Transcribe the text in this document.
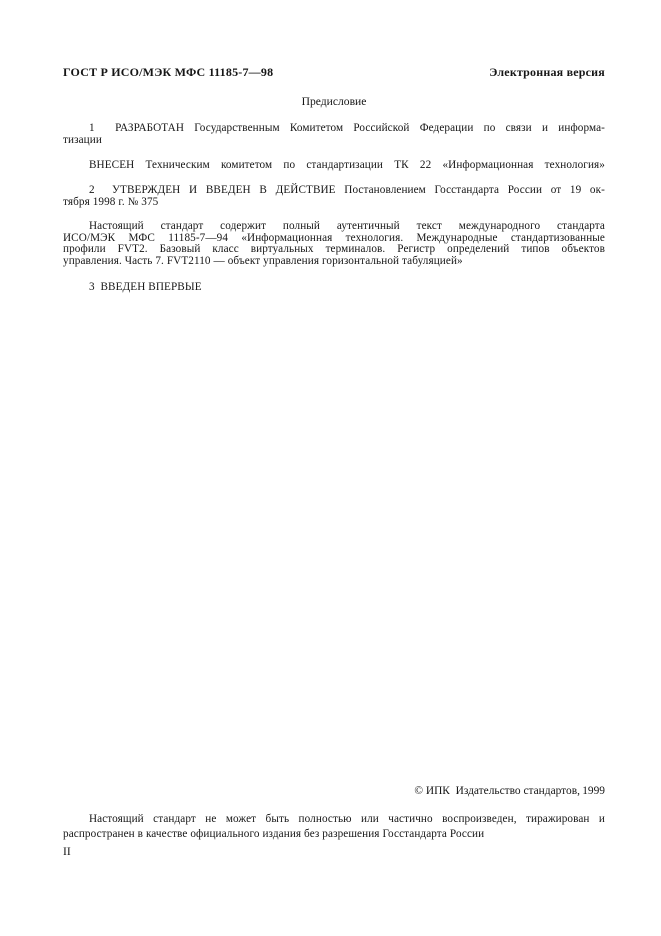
ГОСТ Р ИСО/МЭК МФС 11185-7—98	Электронная версия
Предисловие
1  РАЗРАБОТАН Государственным Комитетом Российской Федерации по связи и информа-
тизации
ВНЕСЕН Техническим комитетом по стандартизации ТК 22 «Информационная технология»
2  УТВЕРЖДЕН И ВВЕДЕН В ДЕЙСТВИЕ Постановлением Госстандарта России от 19 ок-
тября 1998 г. № 375
Настоящий стандарт содержит полный аутентичный текст международного стандарта
ИСО/МЭК МФС 11185-7—94 «Информационная технология. Международные стандартизованные
профили FVT2. Базовый класс виртуальных терминалов. Регистр определений типов объектов
управления. Часть 7. FVT2110 — объект управления горизонтальной табуляцией»
3  ВВЕДЕН ВПЕРВЫЕ
© ИПК  Издательство стандартов, 1999
Настоящий стандарт не может быть полностью или частично воспроизведен, тиражирован и
распространен в качестве официального издания без разрешения Госстандарта России
II
